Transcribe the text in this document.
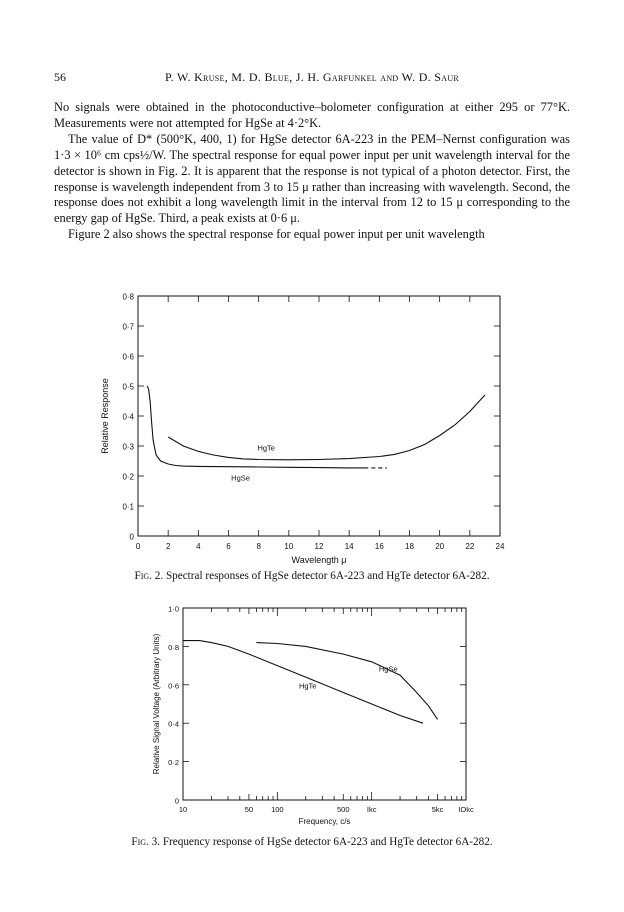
56	P. W. Kruse, M. D. Blue, J. H. Garfunkel and W. D. Saur

No signals were obtained in the photoconductive–bolometer configuration at either 295 or 77°K. Measurements were not attempted for HgSe at 4·2°K.

The value of D* (500°K, 400, 1) for HgSe detector 6A-223 in the PEM–Nernst configuration was 1·3 × 10⁶ cm cps½/W. The spectral response for equal power input per unit wavelength interval for the detector is shown in Fig. 2. It is apparent that the response is not typical of a photon detector. First, the response is wavelength independent from 3 to 15 μ rather than increasing with wavelength. Second, the response does not exhibit a long wavelength limit in the interval from 12 to 15 μ corresponding to the energy gap of HgSe. Third, a peak exists at 0·6 μ.

Figure 2 also shows the spectral response for equal power input per unit wavelength

0	2	4	6	8	10	12	14	16	18	20	22	24
0
0·1
0·2
0·3
0·4
0·5
0·6
0·7
0·8
Wavelength μ
Relative Response	HgTe
HgSe
Fig. 2. Spectral responses of HgSe detector 6A-223 and HgTe detector 6A-282.
10	50 100	500 Ikc	5kc IOkc
0
0·2
0·4
0·6
0·8
1·0
Frequency, c/s
Relative Signal Voltage (Arbitrary Units)	HgSe
HgTe
Fig. 3. Frequency response of HgSe detector 6A-223 and HgTe detector 6A-282.
